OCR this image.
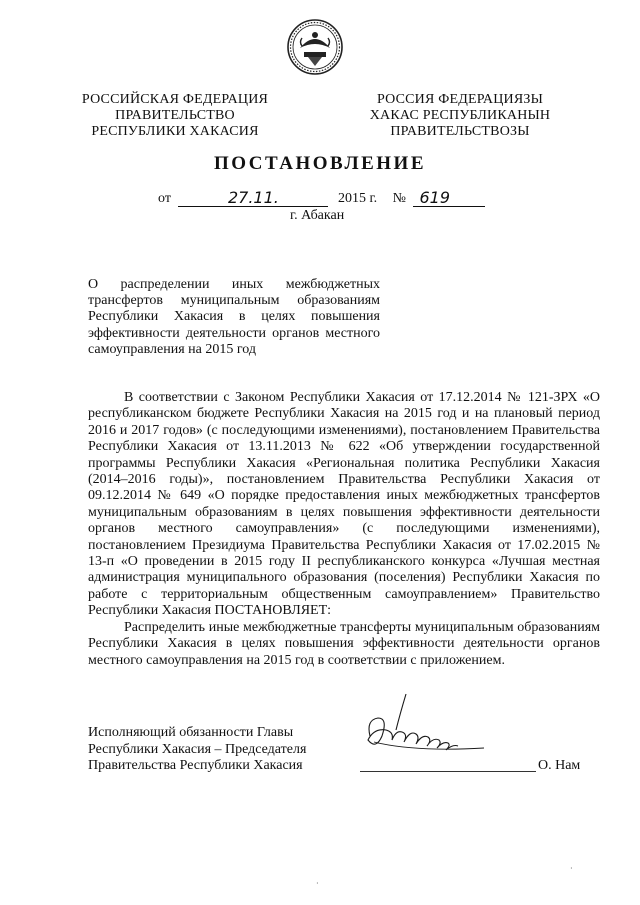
РОССИЙСКАЯ ФЕДЕРАЦИЯ
ПРАВИТЕЛЬСТВО
РЕСПУБЛИКИ ХАКАСИЯ
РОССИЯ ФЕДЕРАЦИЯЗЫ
ХАКАС РЕСПУБЛИКАНЫН
ПРАВИТЕЛЬСТВОЗЫ
ПОСТАНОВЛЕНИЕ
от	27.11.	2015 г. № 619
г. Абакан
О распределении иных межбюджетных трансфертов муниципальным образованиям Республики Хакасия в целях повышения эффективности деятельности органов местного самоуправления на 2015 год

В соответствии с Законом Республики Хакасия от 17.12.2014 № 121-ЗРХ «О республиканском бюджете Республики Хакасия на 2015 год и на плановый период 2016 и 2017 годов» (с последующими изменениями), постановлением Правительства Республики Хакасия от 13.11.2013 № 622 «Об утверждении государственной программы Республики Хакасия «Региональная политика Республики Хакасия (2014–2016 годы)», постановлением Правительства Республики Хакасия от 09.12.2014 № 649 «О порядке предоставления иных межбюджетных трансфертов муниципальным образованиям в целях повышения эффективности деятельности органов местного самоуправления» (с последующими изменениями), постановлением Президиума Правительства Республики Хакасия от 17.02.2015 № 13-п «О проведении в 2015 году II республиканского конкурса «Лучшая местная администрация муниципального образования (поселения) Республики Хакасия по работе с территориальным общественным самоуправлением» Правительство Республики Хакасия ПОСТАНОВЛЯЕТ:

Распределить иные межбюджетные трансферты муниципальным образованиям Республики Хакасия в целях повышения эффективности деятельности органов местного самоуправления на 2015 год в соответствии с приложением.

Исполняющий обязанности Главы
Республики Хакасия – Председателя
Правительства Республики Хакасия	О. Нам
·
·
